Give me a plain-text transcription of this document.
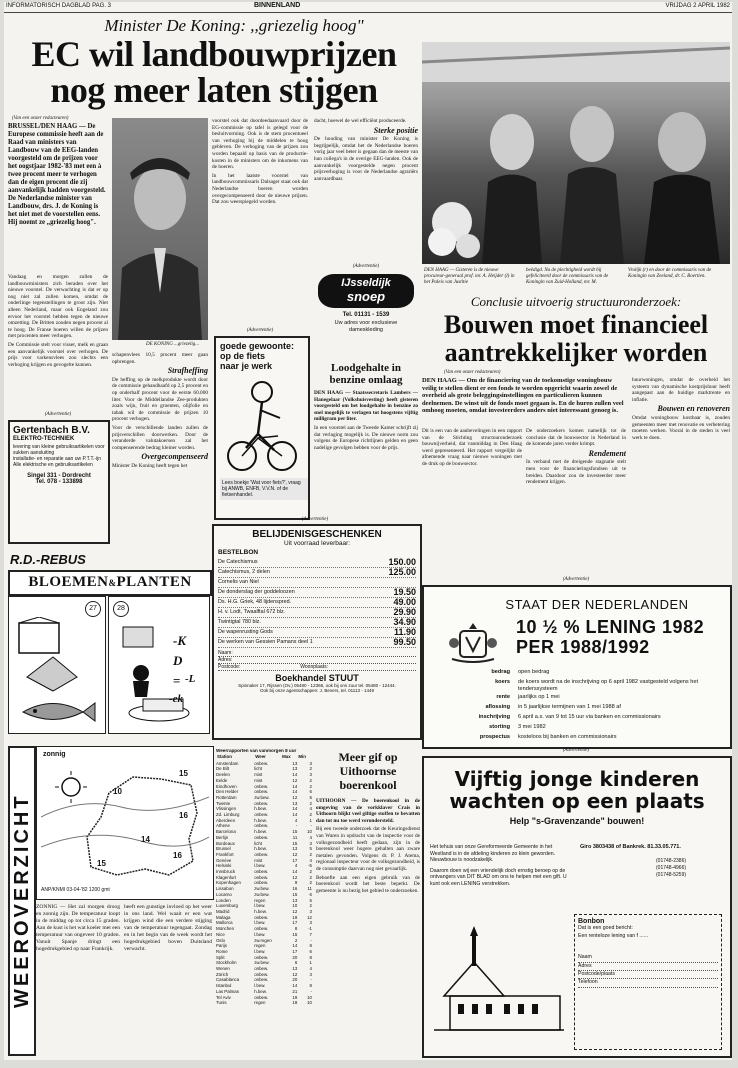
INFORMATORISCH DAGBLAD PAG. 3	BINNENLAND	VRIJDAG 2 APRIL 1982
Minister De Koning: ,,griezelig hoog"
EC wil landbouwprijzen
nog meer laten stijgen
(Van een onzer redacteuren)
BRUSSEL/DEN HAAG — De Europese commissie heeft aan de Raad van ministers van Landbouw van de EEG-landen voorgesteld om de prijzen voor het oogstjaar 1982-'83 met een à twee procent meer te verhogen dan de eigen procent die zij aanvankelijk hadden voorgesteld. De Nederlandse minister van Landbouw, drs. J. de Koning is het niet met de voorstellen eens. Hij noemt ze ,,griezelig hoog".

Vandaag en morgen zullen de landbouwministers zich beraden over het nieuwe voorstel. De verwachting is dat er op nog niet zal zullen komen, omdat de onderlinge tegenstellingen te groot zijn. Niet alleen Nederland, maar ook Engeland zou ervoor het voorstel hebben tegen de nieuwe omzetting. De Britten zouden negen procent al te hoog. De Franse boeren willen de prijzen met procenten meer verhogen.

De Commissie stelt voor visser, melk en graan een aanvankelijk voorstel over verhogen. De prijs voor varkensvlees zou slechts een verhoging krijgen en gevogelte kunnen.

DE KONING ...griezelig...

schapenvlees 10,5 procent meer gaan opbrengen.

Strafheffing

De heffing op de melkprodukte wordt door de commissie gehandhaafd op 2,5 procent en op onderhalf procent voor de eerste 60.000 liter. Voor de Middellandse Zee-produkten zoals wijn, fruit en groenten, olijfolie en tabak wil de commissie de prijzen 10 procent verhogen.

Voor de verschillende landen zullen de prijsverschillen doorwerken. Door de veranderde valutakoersen zal het compenserende bedrag kleiner worden.

Overgecompenseerd

Minister De Koning heeft tegen het

voorstel ook dat doordeedaanvaard door de EG-commissie op tafel is gelegd voor de besluitvorming. Ook is de stem procentueel van verhoging bij de middelen te hoog gebleven. De verhoging van de prijzen zou worden bepaald op basis van de productie-kosten in de ministers om de inkomens van de boeren.

In het laatste voorstel van landbouwcommissaris Dalsager staat ook dat Nederlandse boeren worden overgecompenseerd door de nieuwe prijzen. Dat zou weerspiegeld worden.

dacht, hoewel de wel efficiënt produceerde.

Sterke positie

De houding van minister De Koning is begrijpelijk, omdat het de Nederlandse boeren vorig jaar veel beter is gegaan dan de meeste van hun collega's in de overige EEG-landen. Ook de aanvankelijk voorgestelde negen procent prijsverhoging is voor de Nederlandse agrariërs aanvaardbaar.

DEN HAAG — Gisteren is de nieuwe procureur-generaal prof. mr. A. Heijder (l) in het Paleis van Justitie
beëdigd. Na de plechtigheid wordt hij gefeliciteerd door de commissaris van de Koningin van Zuid-Holland, mr. M.
Vrolijk (r) en door de commissaris van de Koningin van Zeeland, dr. C. Boertien.
(Advertentie)
IJsseldijk
snoep
Tel. 01131 - 1539
Uw adres voor exclusieve
dameskleding
(Advertentie)
goede gewoonte:
op de fiets
naar je werk
Lees boekje 'Wat voor fiets?', vraag bij ANWB, ENFB, V.V.N. of de fietsenhandel.
Loodgehalte in benzine omlaag

DEN HAAG — Staatssecretaris Lambers — Hanegelaar (Volkshuisvesting) heeft gisteren voorgesteld om het loodgehalte in benzine zo snel mogelijk te verlagen tot hoogstens vijftig milligram per liter.

In een voorstel aan de Tweede Kamer schrijft zij dat verlaging mogelijk is. De nieuwe norm zou volgens de Europese richtlijnen gelden en geen nadelige gevolgen hebben voor de prijs.

(Advertentie)
BELIJDENISGESCHENKEN
Uit voorraad leverbaar:
BESTELBON
De Catechismus	150.00
Catechismus, 2 delen	125.00
Cornelis van Niel
De donderslag der goddeloozen	19.50
Ds. H.G. Griek, 48 lijdenspred.	49.00
H. v. Lodt, Twaalftal 672 blz.	29.90
Twintigtal 780 blz.	34.90
De wapenrusting Gods	11.90
De werken van Gessien Pamans deel 1	99.50
Naam:
Adres:
Postcode:	Woonplaats:
Boekhandel STUUT
Spinnaker 17, Rijssen (Ov.) 05480 - 12366, ook bij ons zuur tel. 05480 - 12444.
Ook bij onze agentschappen: J. Bevers, tel. 01113 - 1449
(Advertentie)
Gertenbach B.V.
ELEKTRO-TECHNIEK
levering van kleine gebruiksartikelen voor sukken aansluiting
installatie- en reparatie aan uw P.T.T.-ijn
Alle elektrische en gebruiksartikelen
Singel 331 - Dordrecht
Tel. 078 - 133898
R.D.-REBUS
BLOEMEN&PLANTEN
27	28
-K
D
= -L
-ek
Conclusie uitvoerig structuuronderzoek:
Bouwen moet financieel
aantrekkelijker worden
(Van een onzer redacteuren)
DEN HAAG — Om de financiering van de toekomstige woningbouw veilig te stellen dient er een fonds te worden opgericht waarin zowel de overheid als grote beleggingsinstellingen en particulieren kunnen deelnemen. De winst uit de fonds moet gegaan is. En de huren zullen veel omhoog moeten, omdat investeerders anders niet interessant genoeg is.
Dit is een van de aanbevelingen in een rapport van de Stichting structuuronderzoek bouwnijverheid, dat vanmiddag in Den Haag werd gepresenteerd. Het rapport vergelijkt de afnemende vraag naar nieuwe woningen met de druk op de bouwsector.

De onderzoekers komen namelijk tot de conclusie dat de bouwsector in Nederland in de komende jaren verder krimpt.

Rendement

In verband met de dreigende stagnatie stelt men voor de financieringsfondsen uit te breiden. Daardoor zou de investeerder meer rendement krijgen.

huurwoningen, omdat de overheid het systeem van dynamische kostprijshuur heeft aangepast aan de huidige marktrente en inflatie.

Bouwen en renoveren

Omdat woningbouw kostbaar is, zouden gemeenten meer met renovatie en verbetering moeten werken. Vooral in de steden is veel werk te doen.

(Advertentie)
STAAT DER NEDERLANDEN
10 ½ % LENING 1982
PER 1988/1992
bedrag	open bedrag
koers	de koers wordt na de inschrijving op 6 april 1982 vastgesteld volgens het tenderssysteem
rente	jaarlijks op 1 mei
aflossing	in 5 jaarlijkse termijnen van 1 mei 1988 af
inschrijving	6 april a.s. van 9 tot 15 uur via banken en commissionairs
storting	3 mei 1982
prospectus	kosteloos bij banken en commissionairs
WEEROVERZICHT
zonnig
15
10
16
14
16
15
ANP/KNMI 03-04-'82 1200 gmt
ZONNIG — Het zal morgen droog en zonnig zijn. De temperatuur loopt in de middag op tot circa 15 graden. Aan de kust is het wat koeler met een temperatuur van ongeveer 10 graden. Vanuit Spanje dringt een hogedrukgebied op naar Frankrijk.
heeft een gunstige invloed op het weer in ons land. Wel waait er een wat krijgen wind die een verdere stijging van de temperatuur tegengaat. Zondag en in het begin van de week wordt het hogedrukgebied boven Duitsland verwacht.
Weerrapporten van vanmorgen 8 uur
Station	Weer	Max	Min
Amsterdam	onbew.	13	3
De Bilt	licht	13	2
Deelen	mist	14	3
Eelde	mist	12	2
Eindhoven	onbew.	14	2
Den Helder	onbew.	14	6
Rotterdam	zw.bew.	12	5
Twente	onbew.	13	2
Vlissingen	h.bew.	14	4
Zd. Limburg	onbew.	14	2
Aberdeen	h.bew.	4	1
Athene	onbew.	-	-
Barcelona	h.bew.	15	10
Berlijn	onbew.	11	4
Bordeaux	licht	15	3
Brussel	h.bew.	13	5
Frankfort	onbew.	12	2
Genève	mist	17	4
Helsinki	l.bew.	4	-5
Innsbruck	onbew.	14	2
Klagenfurt	onbew.	12	2
Kopenhagen	onbew.	9	2
Lissabon	zw.bew.	16	11
Locarno	zw.bew.	15	6
Londen	regen	13	5
Luxemburg	l.bew.	10	2
Madrid	h.bew.	12	3
Malaga	onbew.	19	12
Mallorca	l.bew.	17	3
München	onbew.	8	-1
Nice	l.bew.	15	7
Oslo	zw.regen	2	-
Parijs	regen	14	8
Rome	l.bew.	17	6
Split	onbew.	20	8
Stockholm	zw.bew.	6	1
Wenen	onbew.	13	4
Zürich	onbew.	12	3
Casablanca	onbew.	20	-
Istanbul	l.bew.	14	8
Las Palmas	h.bew.	21	-
Tel Aviv	onbew.	19	10
Tunis	regen	18	10
Meer gif op
Uithoornse
boerenkool

UITHOORN — De boerenkool in de omgeving van de vorkklaver Crais in Uithoorn blijkt veel giftige stoffen te bevatten dan tot nu toe werd verondersteld.

Bij een tweede onderzoek dat de Keuringsdienst van Waren in opdracht van de inspectie voor de volksgezondheid heeft gedaan, zijn in de boerenkool weer hogere gehalten aan zware metalen gevonden. Volgens dr. P. J. Atema, regionaal inspecteur voor de volksgezondheid, is de consumptie daarvan nog niet gevaarlijk.

Behoefte aan een eigen gebruik van de boerenkool wordt het beste beperkt. De gemeente is nu bezig het gebied te onderzoeken.

(Advertentie)
Vijftig jonge kinderen
wachten op een plaats
Help "s-Gravenzande" bouwen!

Het tehuis van onze Gereformeerde Gemeente in het Westland is in de afdeling kinderen zo klein geworden. Nieuwbouw is noodzakelijk.

Daarom doen wij een vriendelijk doch ernstig beroep op de ontvangers van DIT BLAD om ons te helpen met een gift. U kunt ook een LENING verstrekken.

Giro 3803438 of Bankrek. 81.33.05.771.
(01748-2386)
(01748-4966)
(01748-5259)
Bonbon
Dat is een goed bericht:
Een renteloze lening van f ......
Naam
Adres
Postcode/plaats
Telefoon
